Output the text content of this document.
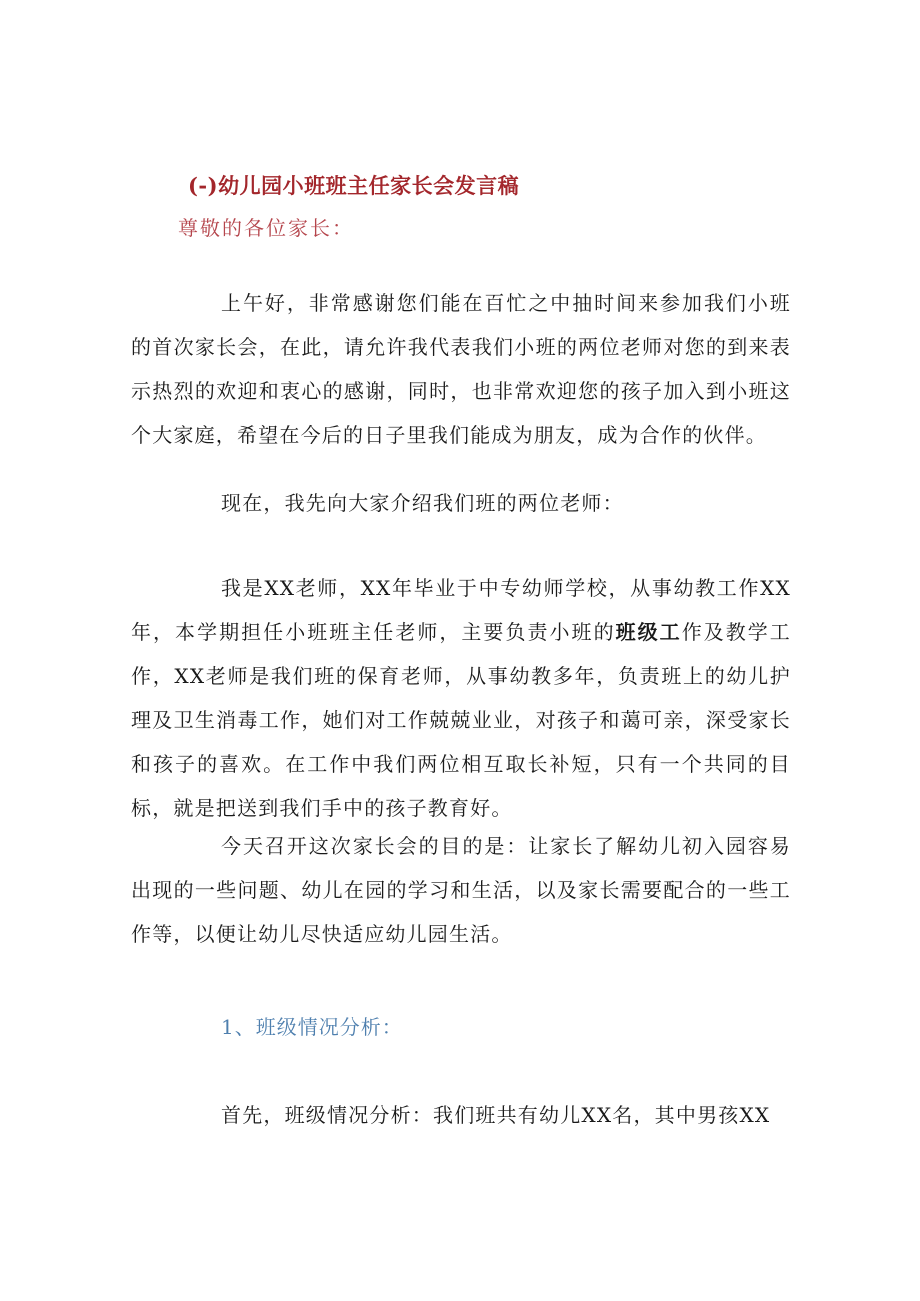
(-)幼儿园小班班主任家长会发言稿
尊敬的各位家长：

上午好，非常感谢您们能在百忙之中抽时间来参加我们小班的首次家长会，在此，请允许我代表我们小班的两位老师对您的到来表示热烈的欢迎和衷心的感谢，同时，也非常欢迎您的孩子加入到小班这个大家庭，希望在今后的日子里我们能成为朋友，成为合作的伙伴。

现在，我先向大家介绍我们班的两位老师：

我是XX老师，XX年毕业于中专幼师学校，从事幼教工作XX年，本学期担任小班班主任老师，主要负责小班的班级工作及教学工作，XX老师是我们班的保育老师，从事幼教多年，负责班上的幼儿护理及卫生消毒工作，她们对工作兢兢业业，对孩子和蔼可亲，深受家长和孩子的喜欢。在工作中我们两位相互取长补短，只有一个共同的目标，就是把送到我们手中的孩子教育好。

今天召开这次家长会的目的是：让家长了解幼儿初入园容易出现的一些问题、幼儿在园的学习和生活，以及家长需要配合的一些工作等，以便让幼儿尽快适应幼儿园生活。

1、班级情况分析：

首先，班级情况分析：我们班共有幼儿XX名，其中男孩XX
